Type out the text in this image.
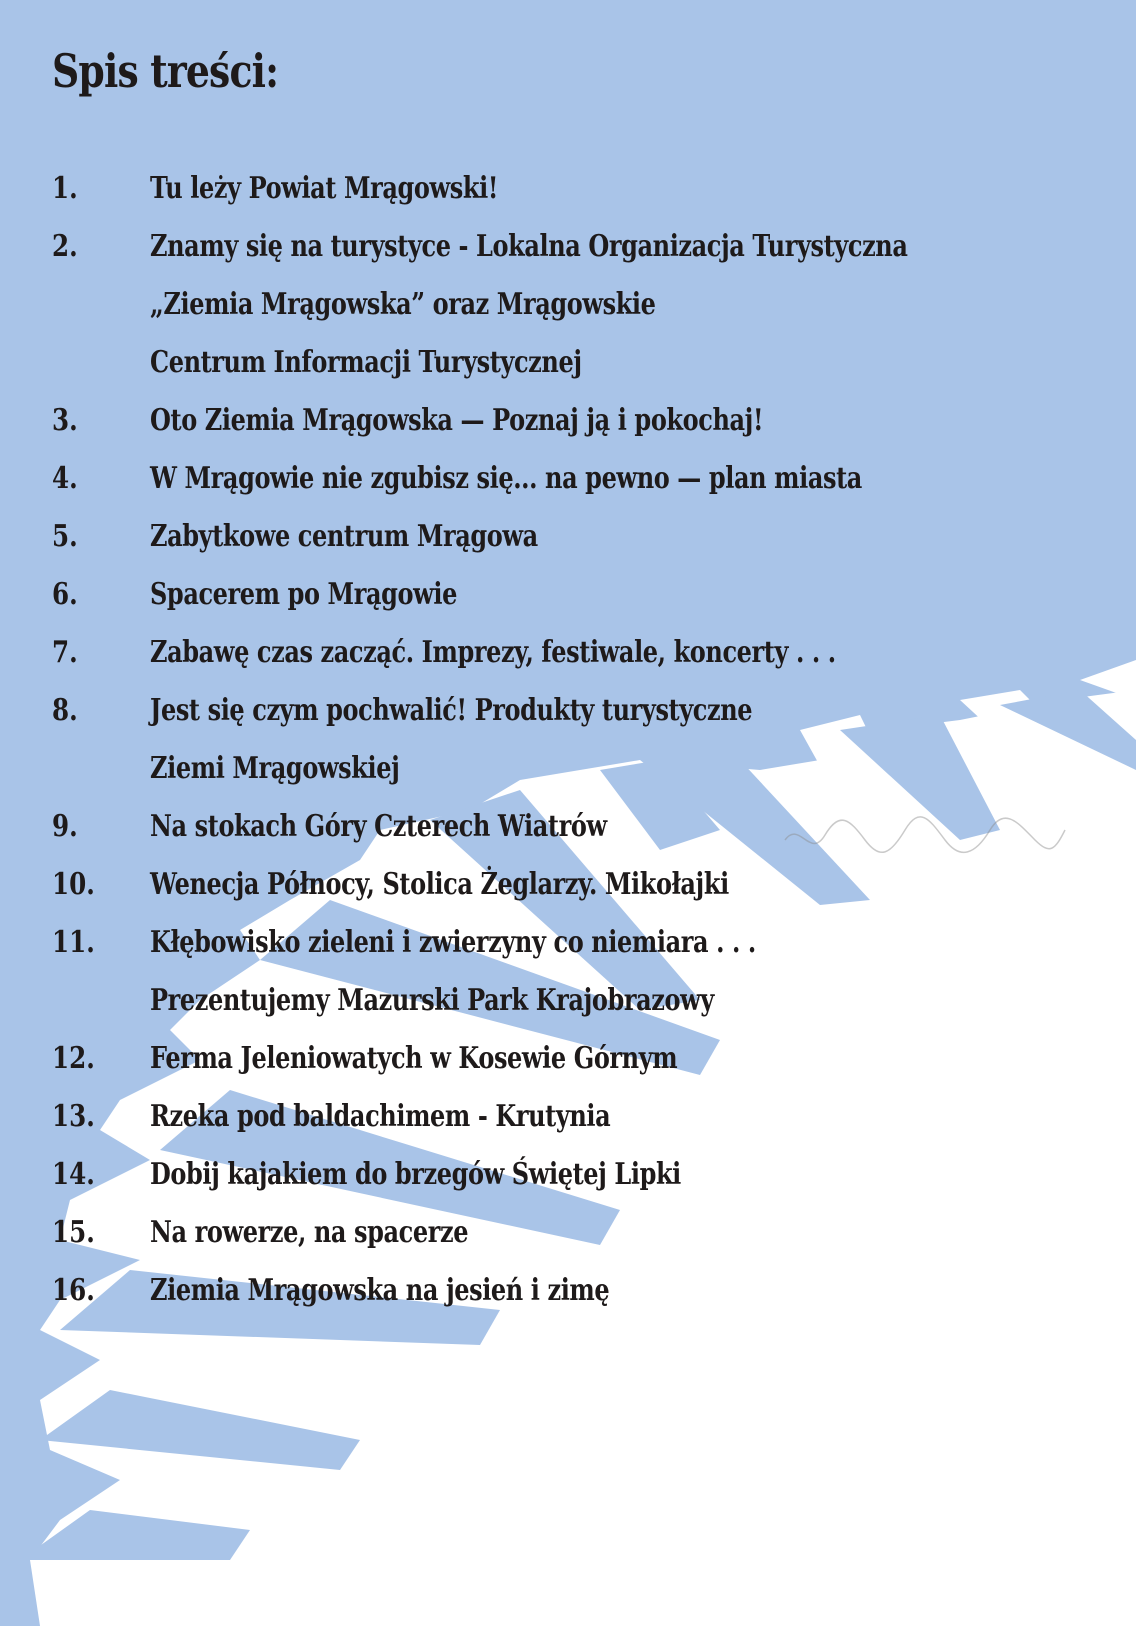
Spis treści:
1.	Tu leży Powiat Mrągowski!
2.	Znamy się na turystyce - Lokalna Organizacja Turystyczna
„Ziemia Mrągowska” oraz Mrągowskie
Centrum Informacji Turystycznej
3.	Oto Ziemia Mrągowska — Poznaj ją i pokochaj!
4.	W Mrągowie nie zgubisz się... na pewno — plan miasta
5.	Zabytkowe centrum Mrągowa
6.	Spacerem po Mrągowie
7.	Zabawę czas zacząć. Imprezy, festiwale, koncerty . . .
8.	Jest się czym pochwalić! Produkty turystyczne
Ziemi Mrągowskiej
9.	Na stokach Góry Czterech Wiatrów
10.	Wenecja Północy, Stolica Żeglarzy. Mikołajki
11.	Kłębowisko zieleni i zwierzyny co niemiara . . .
Prezentujemy Mazurski Park Krajobrazowy
12.	Ferma Jeleniowatych w Kosewie Górnym
13.	Rzeka pod baldachimem - Krutynia
14.	Dobij kajakiem do brzegów Świętej Lipki
15.	Na rowerze, na spacerze
16.	Ziemia Mrągowska na jesień i zimę
